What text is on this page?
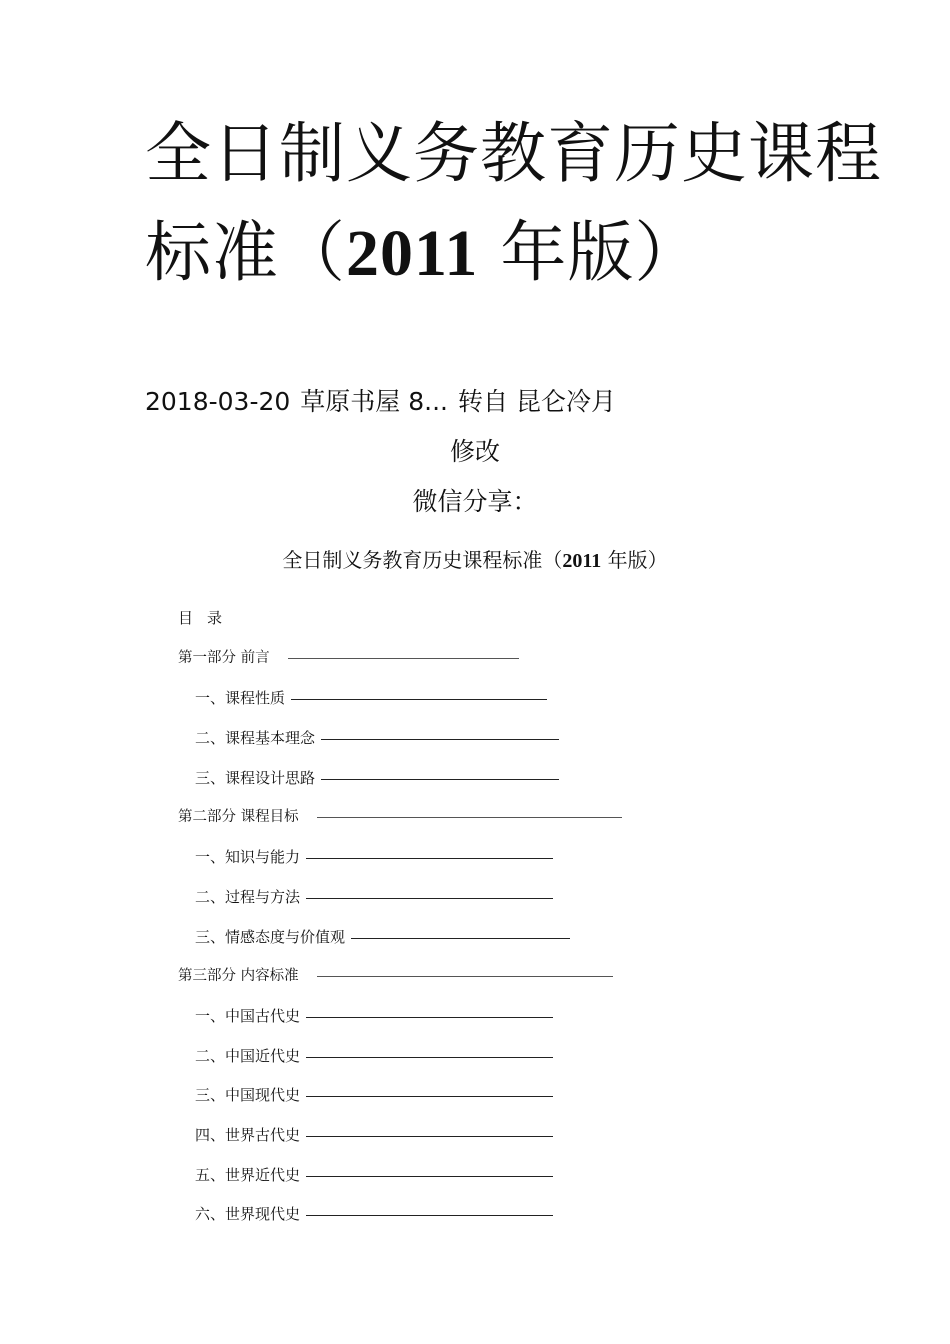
全日制义务教育历史课程
标准（2011 年版）
2018-03-20 草原书屋 8... 转自 昆仑冷月
修改
微信分享：
全日制义务教育历史课程标准（2011 年版）
目录
第一部分 前言
一、课程性质
二、课程基本理念
三、课程设计思路
第二部分 课程目标
一、知识与能力
二、过程与方法
三、情感态度与价值观
第三部分 内容标准
一、中国古代史
二、中国近代史
三、中国现代史
四、世界古代史
五、世界近代史
六、世界现代史
